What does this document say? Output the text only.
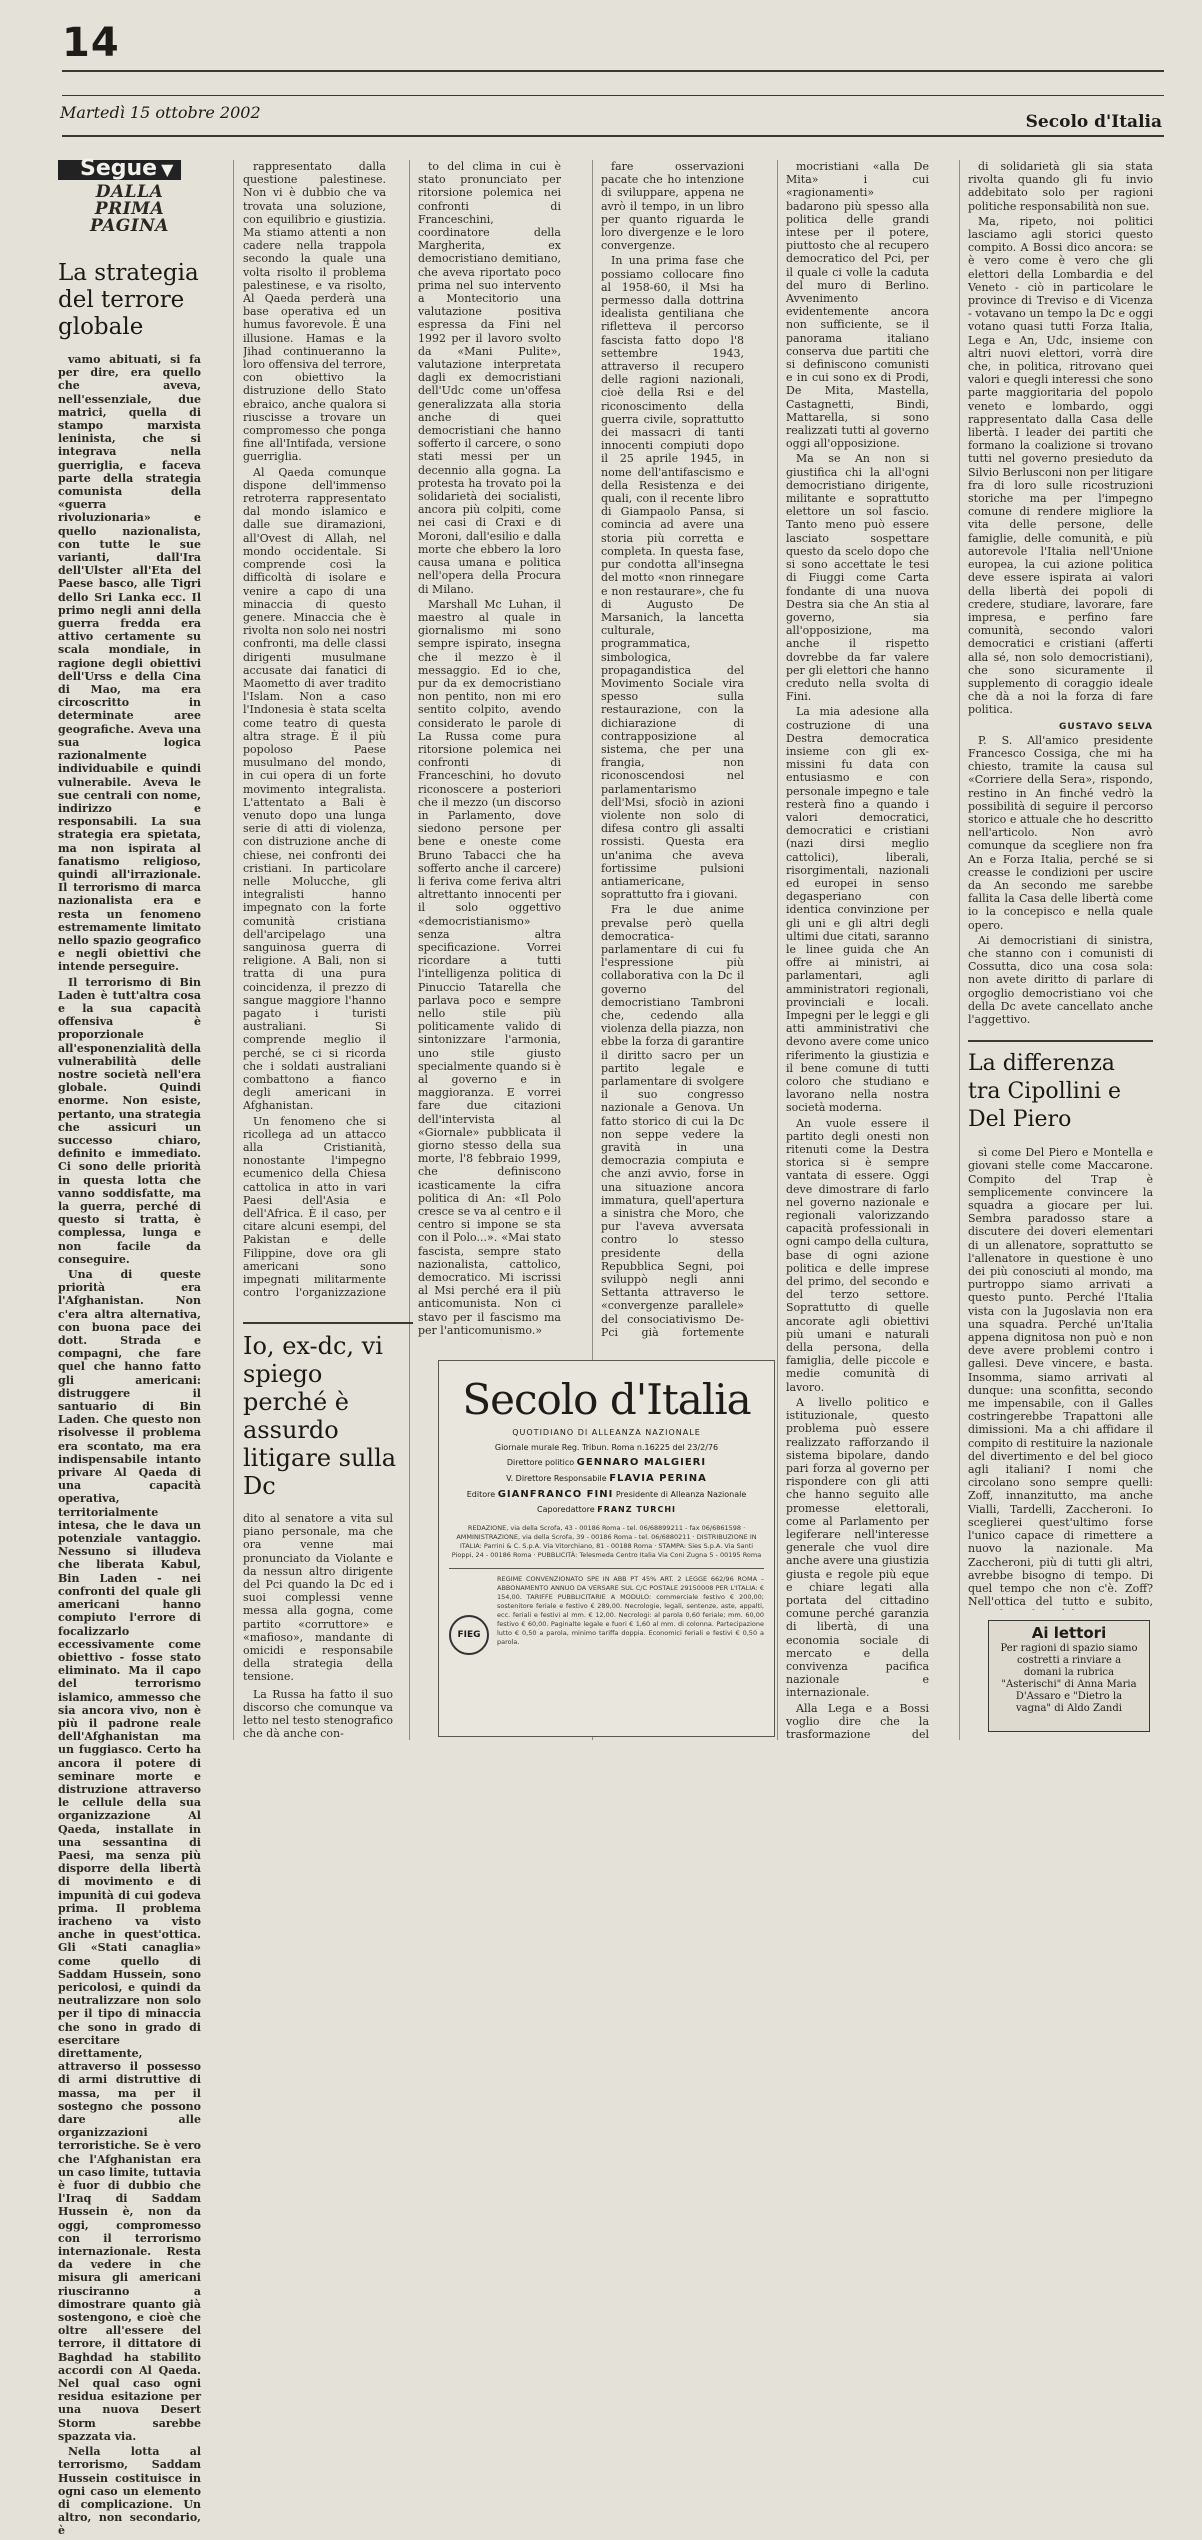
14
Martedì 15 ottobre 2002	Secolo d'Italia
Segue ▼
DALLA
PRIMA
PAGINA
La strategia del terrore globale

vamo abituati, si fa per dire, era quello che aveva, nell'essenziale, due matrici, quella di stampo marxista leninista, che si integrava nella guerriglia, e faceva parte della strategia comunista della «guerra rivoluzionaria» e quello nazionalista, con tutte le sue varianti, dall'Ira dell'Ulster all'Eta del Paese basco, alle Tigri dello Sri Lanka ecc. Il primo negli anni della guerra fredda era attivo certamente su scala mondiale, in ragione degli obiettivi dell'Urss e della Cina di Mao, ma era circoscritto in determinate aree geografiche. Aveva una sua logica razionalmente individuabile e quindi vulnerabile. Aveva le sue centrali con nome, indirizzo e responsabili. La sua strategia era spietata, ma non ispirata al fanatismo religioso, quindi all'irrazionale. Il terrorismo di marca nazionalista era e resta un fenomeno estremamente limitato nello spazio geografico e negli obiettivi che intende perseguire.

Il terrorismo di Bin Laden è tutt'altra cosa e la sua capacità offensiva è proporzionale all'esponenzialità della vulnerabilità delle nostre società nell'era globale. Quindi enorme. Non esiste, pertanto, una strategia che assicuri un successo chiaro, definito e immediato. Ci sono delle priorità in questa lotta che vanno soddisfatte, ma la guerra, perché di questo si tratta, è complessa, lunga e non facile da conseguire.

Una di queste priorità era l'Afghanistan. Non c'era altra alternativa, con buona pace dei dott. Strada e compagni, che fare quel che hanno fatto gli americani: distruggere il santuario di Bin Laden. Che questo non risolvesse il problema era scontato, ma era indispensabile intanto privare Al Qaeda di una capacità operativa, territorialmente intesa, che le dava un potenziale vantaggio. Nessuno si illudeva che liberata Kabul, Bin Laden - nei confronti del quale gli americani hanno compiuto l'errore di focalizzarlo eccessivamente come obiettivo - fosse stato eliminato. Ma il capo del terrorismo islamico, ammesso che sia ancora vivo, non è più il padrone reale dell'Afghanistan ma un fuggiasco. Certo ha ancora il potere di seminare morte e distruzione attraverso le cellule della sua organizzazione Al Qaeda, installate in una sessantina di Paesi, ma senza più disporre della libertà di movimento e di impunità di cui godeva prima. Il problema iracheno va visto anche in quest'ottica. Gli «Stati canaglia» come quello di Saddam Hussein, sono pericolosi, e quindi da neutralizzare non solo per il tipo di minaccia che sono in grado di esercitare direttamente, attraverso il possesso di armi distruttive di massa, ma per il sostegno che possono dare alle organizzazioni terroristiche. Se è vero che l'Afghanistan era un caso limite, tuttavia è fuor di dubbio che l'Iraq di Saddam Hussein è, non da oggi, compromesso con il terrorismo internazionale. Resta da vedere in che misura gli americani riusciranno a dimostrare quanto già sostengono, e cioè che oltre all'essere del terrore, il dittatore di Baghdad ha stabilito accordi con Al Qaeda. Nel qual caso ogni residua esitazione per una nuova Desert Storm sarebbe spazzata via.

Nella lotta al terrorismo, Saddam Hussein costituisce in ogni caso un elemento di complicazione. Un altro, non secondario, è

rappresentato dalla questione palestinese. Non vi è dubbio che va trovata una soluzione, con equilibrio e giustizia. Ma stiamo attenti a non cadere nella trappola secondo la quale una volta risolto il problema palestinese, e va risolto, Al Qaeda perderà una base operativa ed un humus favorevole. È una illusione. Hamas e la Jihad continueranno la loro offensiva del terrore, con obiettivo la distruzione dello Stato ebraico, anche qualora si riuscisse a trovare un compromesso che ponga fine all'Intifada, versione guerriglia.

Al Qaeda comunque dispone dell'immenso retroterra rappresentato dal mondo islamico e dalle sue diramazioni, all'Ovest di Allah, nel mondo occidentale. Si comprende così la difficoltà di isolare e venire a capo di una minaccia di questo genere. Minaccia che è rivolta non solo nei nostri confronti, ma delle classi dirigenti musulmane accusate dai fanatici di Maometto di aver tradito l'Islam. Non a caso l'Indonesia è stata scelta come teatro di questa altra strage. È il più popoloso Paese musulmano del mondo, in cui opera di un forte movimento integralista. L'attentato a Bali è venuto dopo una lunga serie di atti di violenza, con distruzione anche di chiese, nei confronti dei cristiani. In particolare nelle Molucche, gli integralisti hanno impegnato con la forte comunità cristiana dell'arcipelago una sanguinosa guerra di religione. A Bali, non si tratta di una pura coincidenza, il prezzo di sangue maggiore l'hanno pagato i turisti australiani. Si comprende meglio il perché, se ci si ricorda che i soldati australiani combattono a fianco degli americani in Afghanistan.

Un fenomeno che si ricollega ad un attacco alla Cristianità, nonostante l'impegno ecumenico della Chiesa cattolica in atto in vari Paesi dell'Asia e dell'Africa. È il caso, per citare alcuni esempi, del Pakistan e delle Filippine, dove ora gli americani sono impegnati militarmente contro l'organizzazione

to del clima in cui è stato pronunciato per ritorsione polemica nei confronti di Franceschini, coordinatore della Margherita, ex democristiano demitiano, che aveva riportato poco prima nel suo intervento a Montecitorio una valutazione positiva espressa da Fini nel 1992 per il lavoro svolto da «Mani Pulite», valutazione interpretata dagli ex democristiani dell'Udc come un'offesa generalizzata alla storia anche di quei democristiani che hanno sofferto il carcere, o sono stati messi per un decennio alla gogna. La protesta ha trovato poi la solidarietà dei socialisti, ancora più colpiti, come nei casi di Craxi e di Moroni, dall'esilio e dalla morte che ebbero la loro causa umana e politica nell'opera della Procura di Milano.

Marshall Mc Luhan, il maestro al quale in giornalismo mi sono sempre ispirato, insegna che il mezzo è il messaggio. Ed io che, pur da ex democristiano non pentito, non mi ero sentito colpito, avendo considerato le parole di La Russa come pura ritorsione polemica nei confronti di Franceschini, ho dovuto riconoscere a posteriori che il mezzo (un discorso in Parlamento, dove siedono persone per bene e oneste come Bruno Tabacci che ha sofferto anche il carcere) li feriva come feriva altri altrettanto innocenti per il solo oggettivo «democristianismo» senza altra specificazione. Vorrei ricordare a tutti l'intelligenza politica di Pinuccio Tatarella che parlava poco e sempre nello stile più politicamente valido di sintonizzare l'armonia, uno stile giusto specialmente quando si è al governo e in maggioranza. E vorrei fare due citazioni dell'intervista al «Giornale» pubblicata il giorno stesso della sua morte, l'8 febbraio 1999, che definiscono icasticamente la cifra politica di An: «Il Polo cresce se va al centro e il centro si impone se sta con il Polo...». «Mai stato fascista, sempre stato nazionalista, cattolico, democratico. Mi iscrissi al Msi perché era il più anticomunista. Non ci stavo per il fascismo ma per l'anticomunismo.»

fare osservazioni pacate che ho intenzione di sviluppare, appena ne avrò il tempo, in un libro per quanto riguarda le loro divergenze e le loro convergenze.

In una prima fase che possiamo collocare fino al 1958-60, il Msi ha permesso dalla dottrina idealista gentiliana che rifletteva il percorso fascista fatto dopo l'8 settembre 1943, attraverso il recupero delle ragioni nazionali, cioè della Rsi e del riconoscimento della guerra civile, soprattutto dei massacri di tanti innocenti compiuti dopo il 25 aprile 1945, in nome dell'antifascismo e della Resistenza e dei quali, con il recente libro di Giampaolo Pansa, si comincia ad avere una storia più corretta e completa. In questa fase, pur condotta all'insegna del motto «non rinnegare e non restaurare», che fu di Augusto De Marsanich, la lancetta culturale, programmatica, simbologica, propagandistica del Movimento Sociale vira spesso sulla restaurazione, con la dichiarazione di contrapposizione al sistema, che per una frangia, non riconoscendosi nel parlamentarismo dell'Msi, sfociò in azioni violente non solo di difesa contro gli assalti rossisti. Questa era un'anima che aveva fortissime pulsioni antiamericane, soprattutto fra i giovani.

Fra le due anime prevalse però quella democratica-parlamentare di cui fu l'espressione più collaborativa con la Dc il governo del democristiano Tambroni che, cedendo alla violenza della piazza, non ebbe la forza di garantire il diritto sacro per un partito legale e parlamentare di svolgere il suo congresso nazionale a Genova. Un fatto storico di cui la Dc non seppe vedere la gravità in una democrazia compiuta e che anzi avvio, forse in una situazione ancora immatura, quell'apertura a sinistra che Moro, che pur l'aveva avversata contro lo stesso presidente della Repubblica Segni, poi sviluppò negli anni Settanta attraverso le «convergenze parallele» del consociativismo De-Pci già fortemente

Io, ex-dc, vi spiego perché è assurdo litigare sulla Dc

dito al senatore a vita sul piano personale, ma che ora venne mai pronunciato da Violante e da nessun altro dirigente del Pci quando la Dc ed i suoi complessi venne messa alla gogna, come partito «corruttore» e «mafioso», mandante di omicidi e responsabile della strategia della tensione.

La Russa ha fatto il suo discorso che comunque va letto nel testo stenografico che dà anche con-

Secolo d'Italia
QUOTIDIANO DI ALLEANZA NAZIONALE
Giornale murale Reg. Tribun. Roma n.16225 del 23/2/76
Direttore politico GENNARO MALGIERI
V. Direttore Responsabile FLAVIA PERINA
Editore GIANFRANCO FINI Presidente di Alleanza Nazionale
Caporedattore FRANZ TURCHI
REDAZIONE, via della Scrofa, 43 - 00186 Roma - tel. 06/68899211 - fax 06/6861598 · AMMINISTRAZIONE, via della Scrofa, 39 - 00186 Roma - tel. 06/6880211 · DISTRIBUZIONE IN ITALIA: Parrini & C. S.p.A. Via Vitorchiano, 81 - 00188 Roma · STAMPA: Sies S.p.A. Via Santi Pioppi, 24 - 00186 Roma · PUBBLICITÀ: Telesmeda Centro Italia Via Coni Zugna 5 - 00195 Roma
FIEG
REGIME CONVENZIONATO SPE IN ABB PT 45% ART. 2 LEGGE 662/96 ROMA – ABBONAMENTO ANNUO DA VERSARE SUL C/C POSTALE 29150008 PER L'ITALIA: € 154,00. TARIFFE PUBBLICITARIE A MODULO: commerciale festivo € 200,00; sostenitore feriale e festivo € 289,00. Necrologie, legali, sentenze, aste, appalti, ecc. feriali e festivi al mm. € 12,00. Necrologi: al parola 0,60 feriale; mm. 60,00 festivo € 60,00. Paginalte legale e fuori € 1,60 al mm. di colonna. Partecipazione lutto € 0,50 a parola, minimo tariffa doppia. Economici feriali e festivi € 0,50 a parola.

mocristiani «alla De Mita» i cui «ragionamenti» badarono più spesso alla politica delle grandi intese per il potere, piuttosto che al recupero democratico del Pci, per il quale ci volle la caduta del muro di Berlino. Avvenimento evidentemente ancora non sufficiente, se il panorama italiano conserva due partiti che si definiscono comunisti e in cui sono ex di Prodi, De Mita, Mastella, Castagnetti, Bindi, Mattarella, si sono realizzati tutti al governo oggi all'opposizione.

Ma se An non si giustifica chi la all'ogni democristiano dirigente, militante e soprattutto elettore un sol fascio. Tanto meno può essere lasciato sospettare questo da scelo dopo che si sono accettate le tesi di Fiuggi come Carta fondante di una nuova Destra sia che An stia al governo, sia all'opposizione, ma anche il rispetto dovrebbe da far valere per gli elettori che hanno creduto nella svolta di Fini.

La mia adesione alla costruzione di una Destra democratica insieme con gli ex-missini fu data con entusiasmo e con personale impegno e tale resterà fino a quando i valori democratici, democratici e cristiani (nazi dirsi meglio cattolici), liberali, risorgimentali, nazionali ed europei in senso degasperiano con identica convinzione per gli uni e gli altri degli ultimi due citati, saranno le linee guida che An offre ai ministri, ai parlamentari, agli amministratori regionali, provinciali e locali. Impegni per le leggi e gli atti amministrativi che devono avere come unico riferimento la giustizia e il bene comune di tutti coloro che studiano e lavorano nella nostra società moderna.

An vuole essere il partito degli onesti non ritenuti come la Destra storica si è sempre vantata di essere. Oggi deve dimostrare di farlo nel governo nazionale e regionali valorizzando capacità professionali in ogni campo della cultura, base di ogni azione politica e delle imprese del primo, del secondo e del terzo settore. Soprattutto di quelle ancorate agli obiettivi più umani e naturali della persona, della famiglia, delle piccole e medie comunità di lavoro.

A livello politico e istituzionale, questo problema può essere realizzato rafforzando il sistema bipolare, dando pari forza al governo per rispondere con gli atti che hanno seguito alle promesse elettorali, come al Parlamento per legiferare nell'interesse generale che vuol dire anche avere una giustizia giusta e regole più eque e chiare legati alla portata del cittadino comune perché garanzia di libertà, di una economia sociale di mercato e della convivenza pacifica nazionale e internazionale.

Alla Lega e a Bossi voglio dire che la trasformazione del

di solidarietà gli sia stata rivolta quando gli fu invio addebitato solo per ragioni politiche responsabilità non sue.

Ma, ripeto, noi politici lasciamo agli storici questo compito. A Bossi dico ancora: se è vero come è vero che gli elettori della Lombardia e del Veneto - ciò in particolare le province di Treviso e di Vicenza - votavano un tempo la Dc e oggi votano quasi tutti Forza Italia, Lega e An, Udc, insieme con altri nuovi elettori, vorrà dire che, in politica, ritrovano quei valori e quegli interessi che sono parte maggioritaria del popolo veneto e lombardo, oggi rappresentato dalla Casa delle libertà. I leader dei partiti che formano la coalizione si trovano tutti nel governo presieduto da Silvio Berlusconi non per litigare fra di loro sulle ricostruzioni storiche ma per l'impegno comune di rendere migliore la vita delle persone, delle famiglie, delle comunità, e più autorevole l'Italia nell'Unione europea, la cui azione politica deve essere ispirata ai valori della libertà dei popoli di credere, studiare, lavorare, fare impresa, e perfino fare comunità, secondo valori democratici e cristiani (afferti alla sé, non solo democristiani), che sono sicuramente il supplemento di coraggio ideale che dà a noi la forza di fare politica.

GUSTAVO SELVA

P. S. All'amico presidente Francesco Cossiga, che mi ha chiesto, tramite la causa sul «Corriere della Sera», rispondo, restino in An finché vedrò la possibilità di seguire il percorso storico e attuale che ho descritto nell'articolo. Non avrò comunque da scegliere non fra An e Forza Italia, perché se si creasse le condizioni per uscire da An secondo me sarebbe fallita la Casa delle libertà come io la concepisco e nella quale opero.

Ai democristiani di sinistra, che stanno con i comunisti di Cossutta, dico una cosa sola: non avete diritto di parlare di orgoglio democristiano voi che della Dc avete cancellato anche l'aggettivo.

La differenza tra Cipollini e Del Piero

sì come Del Piero e Montella e giovani stelle come Maccarone. Compito del Trap è semplicemente convincere la squadra a giocare per lui. Sembra paradosso stare a discutere dei doveri elementari di un allenatore, soprattutto se l'allenatore in questione è uno dei più conosciuti al mondo, ma purtroppo siamo arrivati a questo punto. Perché l'Italia vista con la Jugoslavia non era una squadra. Perché un'Italia appena dignitosa non può e non deve avere problemi contro i gallesi. Deve vincere, e basta. Insomma, siamo arrivati al dunque: una sconfitta, secondo me impensabile, con il Galles costringerebbe Trapattoni alle dimissioni. Ma a chi affidare il compito di restituire la nazionale del divertimento e del bel gioco agli italiani? I nomi che circolano sono sempre quelli: Zoff, innanzitutto, ma anche Vialli, Tardelli, Zaccheroni. Io sceglierei quest'ultimo forse l'unico capace di rimettere a nuovo la nazionale. Ma Zaccheroni, più di tutti gli altri, avrebbe bisogno di tempo. Di quel tempo che non c'è. Zoff? Nell'ottica del tutto e subito,

Ai lettori
Per ragioni di spazio siamo costretti a rinviare a domani la rubrica "Asterischi" di Anna Maria D'Assaro e "Dietro la vagna" di Aldo Zandi
